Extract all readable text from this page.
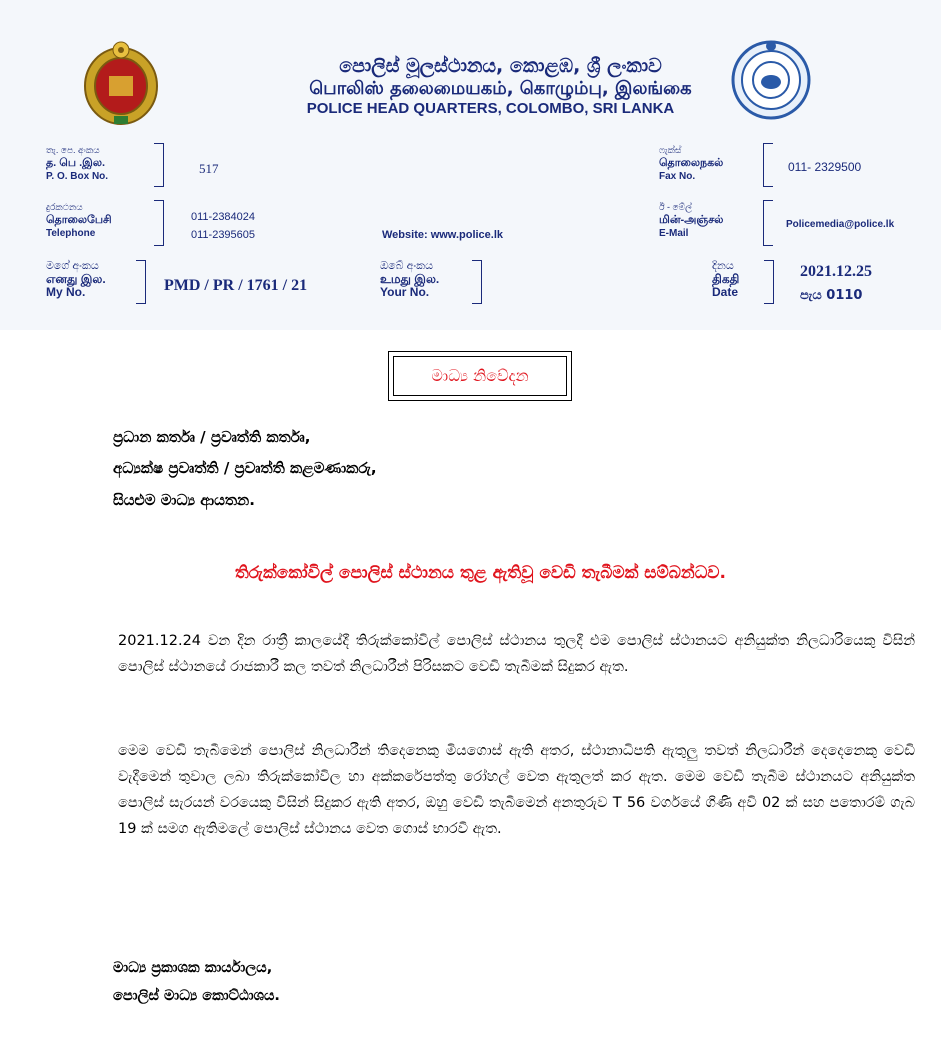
පොලිස් මූලස්ථානය, කොළඹ, ශ්‍රී ලංකාව
பொலிஸ் தலைமையகம், கொழும்பு, இலங்கை
POLICE HEAD QUARTERS, COLOMBO, SRI LANKA
තැ. පෙ. අංකය
த. பெ .இல.
P. O. Box No.
517
ෆැක්ස්
தொலைநகல்
Fax No.
011- 2329500
දුරකථනය
தொலைபேசி
Telephone
011-2384024
011-2395605	Website: www.police.lk
ඊ - මේල්
மின்-அஞ்சல்
E-Mail
Policemedia@police.lk
මගේ අංකය
எனது இல.
My No.	PMD / PR / 1761 / 21
ඔබේ අංකය
உமது இல.
Your No.
දිනය
திகதி
Date
2021.12.25
පැය 0110
මාධ්‍ය නිවේදන
ප්‍රධාන කර්තෘ / ප්‍රවෘත්ති කර්තෘ,
අධ්‍යක්ෂ ප්‍රවෘත්ති / ප්‍රවෘත්ති කළමණාකරු,
සියළුම මාධ්‍ය ආයතන.
තිරුක්කෝවිල් පොලිස් ස්ථානය තුළ ඇතිවූ වෙඩි තැබීමක් සම්බන්ධව.
2021.12.24 වන දින රාත්‍රී කාලයේදී තිරුක්කෝවිල් පොලිස් ස්ථානය තුලදී එම පොලිස් ස්ථානයට අනියුක්ත නිලධාරියෙකු විසින් පොලිස් ස්ථානයේ රාජකාරී කල තවත් නිලධාරීන් පිරිසකට වෙඩි තැබීමක් සිදුකර ඇත.
මෙම වෙඩි තැබීමෙන් පොලිස් නිලධාරීන් තිදෙනෙකු මියගොස් ඇති අතර, ස්ථානාධිපති ඇතුලු තවත් නිලධාරීන් දෙදෙනෙකු වෙඩි වැදීමෙන් තුවාල ලබා තිරුක්කෝවිල හා අක්කරේපත්තු රෝහල් වෙත ඇතුලත් කර ඇත. මෙම වෙඩි තැබීම ස්ථානයට අනියුක්ත පොලිස් සැරයන් වරයෙකු විසින් සිදුකර ඇති අතර, ඔහු වෙඩි තැබීමෙන් අනතුරුව T 56 වර්ගයේ ගිණි අවි 02 ක් සහ පතොරම් ගැබ 19 ක් සමග ඇතිමලේ පොලිස් ස්ථානය වෙත ගොස් භාරවී ඇත.
මාධ්‍ය ප්‍රකාශක කාර්යාලය,
පොලිස් මාධ්‍ය කොට්ඨාශය.
